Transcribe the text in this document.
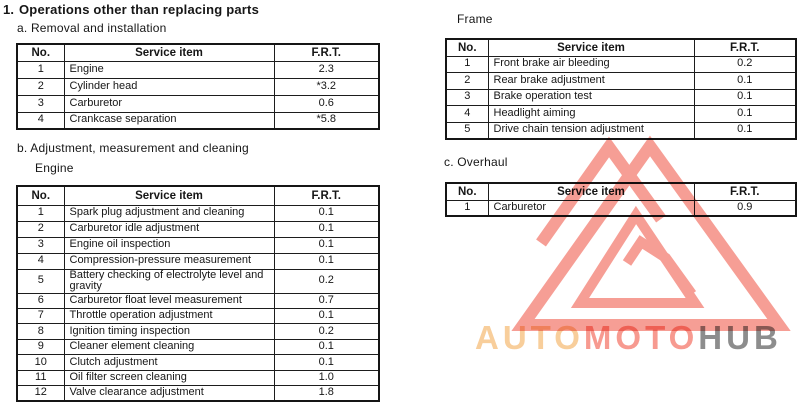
1. Operations other than replacing parts
a. Removal and installation
No.	Service item	F.R.T.
1	Engine	2.3
2	Cylinder head	*3.2
3	Carburetor	0.6
4	Crankcase separation	*5.8
b. Adjustment, measurement and cleaning
Engine
No.	Service item	F.R.T.
1	Spark plug adjustment and cleaning	0.1
2	Carburetor idle adjustment	0.1
3	Engine oil inspection	0.1
4	Compression-pressure measurement	0.1
5	Battery checking of electrolyte level and gravity	0.2
6	Carburetor float level measurement	0.7
7	Throttle operation adjustment	0.1
8	Ignition timing inspection	0.2
9	Cleaner element cleaning	0.1
10	Clutch adjustment	0.1
11	Oil filter screen cleaning	1.0
12	Valve clearance adjustment	1.8
Frame
No.	Service item	F.R.T.
1	Front brake air bleeding	0.2
2	Rear brake adjustment	0.1
3	Brake operation test	0.1
4	Headlight aiming	0.1
5	Drive chain tension adjustment	0.1
c. Overhaul
No.	Service item	F.R.T.
1	Carburetor	0.9
AUTOMOTOHUB
